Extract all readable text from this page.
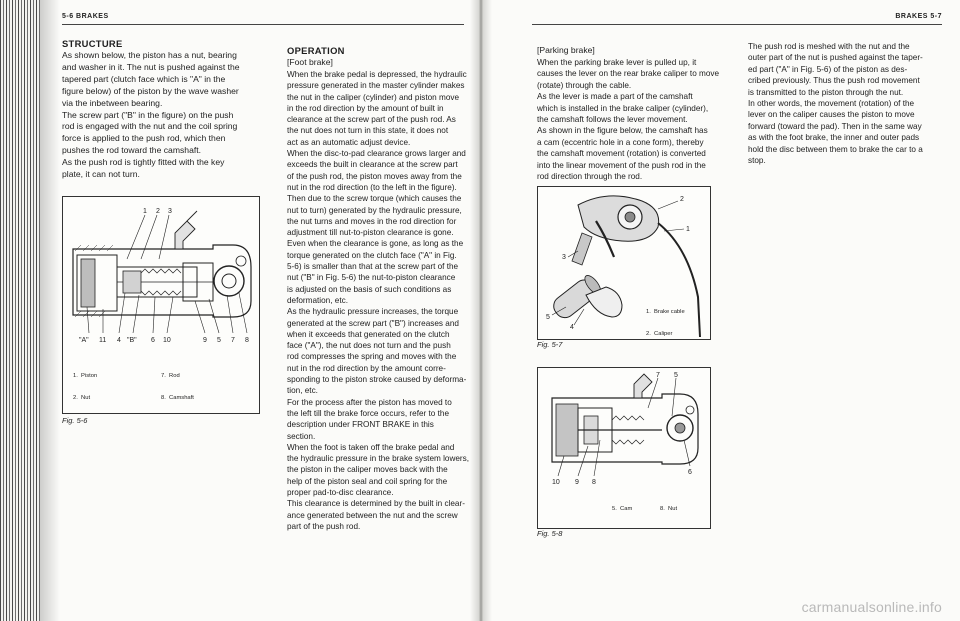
5-6 BRAKES
STRUCTURE

As shown below, the piston has a nut, bearing
and washer in it. The nut is pushed against the
tapered part (clutch face which is "A" in the
figure below) of the piston by the wave washer
via the inbetween bearing.
The screw part ("B" in the figure) on the push
rod is engaged with the nut and the coil spring
force is applied to the push rod, which then
pushes the rod toward the camshaft.
As the push rod is tightly fitted with the key
plate, it can not turn.

1 2 3
"A" 11 4 "B" 6 10	9 5 7 8

1.  Piston

2.  Nut

7.  Rod

8.  Camshaft

Fig. 5-6
OPERATION
[Foot brake]

When the brake pedal is depressed, the hydraulic
pressure generated in the master cylinder makes
the nut in the caliper (cylinder) and piston move
in the rod direction by the amount of built in
clearance at the screw part of the push rod. As
the nut does not turn in this state, it does not
act as an automatic adjust device.
When the disc-to-pad clearance grows larger and
exceeds the built in clearance at the screw part
of the push rod, the piston moves away from the
nut in the rod direction (to the left in the figure).
Then due to the screw torque (which causes the
nut to turn) generated by the hydraulic pressure,
the nut turns and moves in the rod direction for
adjustment till nut-to-piston clearance is gone.
Even when the clearance is gone, as long as the
torque generated on the clutch face ("A" in Fig.
5-6) is smaller than that at the screw part of the
nut ("B" in Fig. 5-6) the nut-to-piston clearance
is adjusted on the basis of such conditions as
deformation, etc.
As the hydraulic pressure increases, the torque
generated at the screw part ("B") increases and
when it exceeds that generated on the clutch
face ("A"), the nut does not turn and the push
rod compresses the spring and moves with the
nut in the rod direction by the amount corre-
sponding to the piston stroke caused by deforma-
tion, etc.
For the process after the piston has moved to
the left till the brake force occurs, refer to the
description under FRONT BRAKE in this
section.
When the foot is taken off the brake pedal and
the hydraulic pressure in the brake system lowers,
the piston in the caliper moves back with the
help of the piston seal and coil spring for the
proper pad-to-disc clearance.
This clearance is determined by the built in clear-
ance generated between the nut and the screw
part of the push rod.

BRAKES 5-7
[Parking brake]

When the parking brake lever is pulled up, it
causes the lever on the rear brake caliper to move
(rotate) through the cable.
As the lever is made a part of the camshaft
which is installed in the brake caliper (cylinder),
the camshaft follows the lever movement.
As shown in the figure below, the camshaft has
a cam (eccentric hole in a cone form), thereby
the camshaft movement (rotation) is converted
into the linear movement of the push rod in the
rod direction through the rod.

The push rod is meshed with the nut and the
outer part of the nut is pushed against the taper-
ed part ("A" in Fig. 5-6) of the piston as des-
cribed previously. Thus the push rod movement
is transmitted to the piston through the nut.
In other words, the movement (rotation) of the
lever on the caliper causes the piston to move
forward (toward the pad). Then in the same way
as with the foot brake, the inner and outer pads
hold the disc between them to brake the car to a
stop.

2
1
3
5
4

1.  Brake cable

2.  Caliper

Fig. 5-7
7 5
6
10 9 8

5.  Cam

	8.  Nut

Fig. 5-8
carmanualsonline.info
